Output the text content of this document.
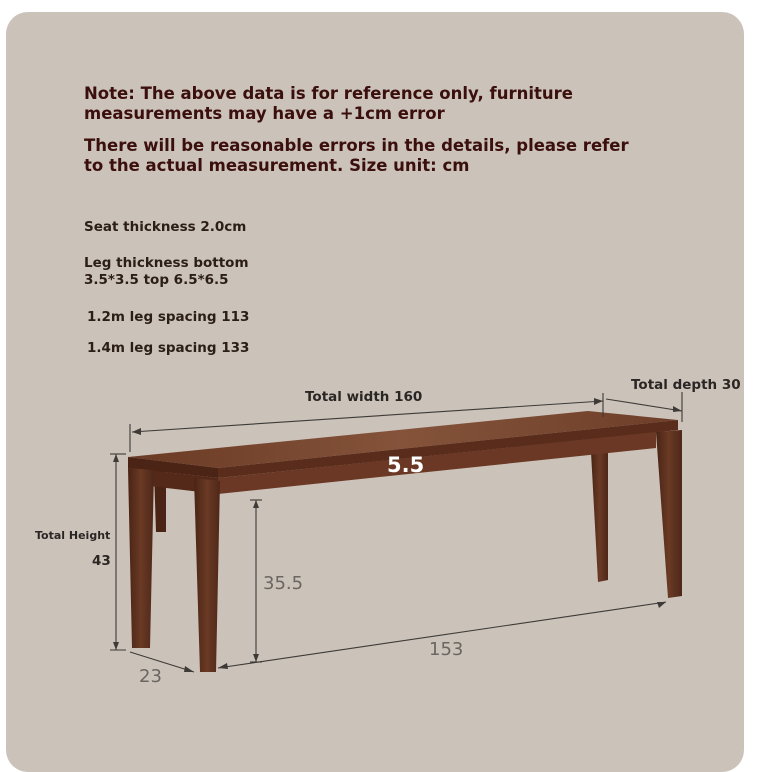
Note: The above data is for reference only, furniture
measurements may have a +1cm error
There will be reasonable errors in the details, please refer
to the actual measurement. Size unit: cm
Seat thickness 2.0cm
Leg thickness bottom
3.5*3.5 top 6.5*6.5
1.2m leg spacing 113
1.4m leg spacing 133
Total width 160
Total depth 30
Total Height
43
5.5
35.5
153
23
